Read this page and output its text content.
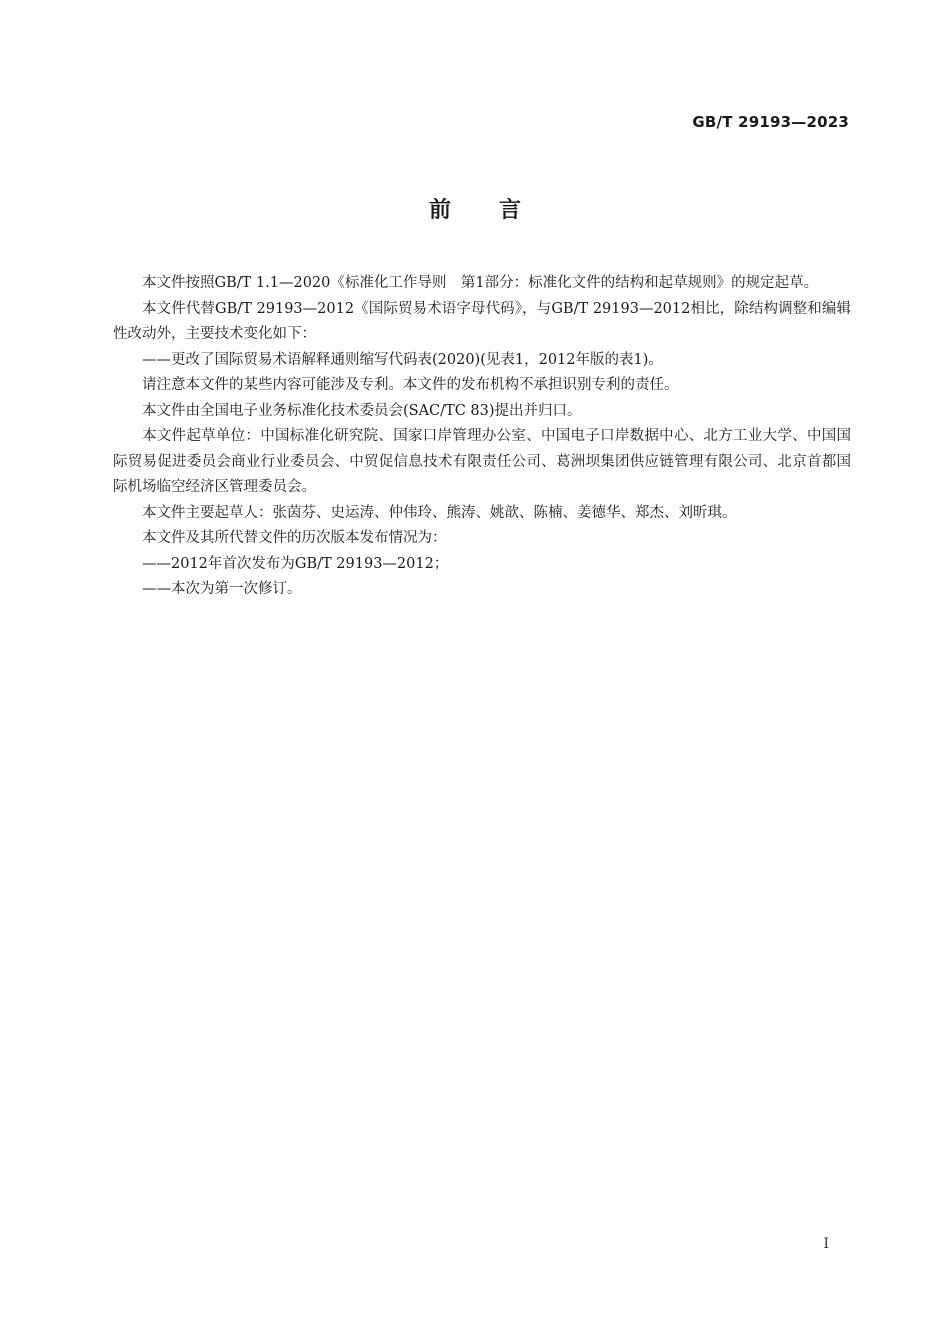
GB/T 29193—2023
前 言

本文件按照GB/T 1.1—2020《标准化工作导则　第1部分：标准化文件的结构和起草规则》的规定起草。

本文件代替GB/T 29193—2012《国际贸易术语字母代码》，与GB/T 29193—2012相比，除结构调整和编辑性改动外，主要技术变化如下：

——更改了国际贸易术语解释通则缩写代码表(2020)(见表1，2012年版的表1)。

请注意本文件的某些内容可能涉及专利。本文件的发布机构不承担识别专利的责任。

本文件由全国电子业务标准化技术委员会(SAC/TC 83)提出并归口。

本文件起草单位：中国标准化研究院、国家口岸管理办公室、中国电子口岸数据中心、北方工业大学、中国国际贸易促进委员会商业行业委员会、中贸促信息技术有限责任公司、葛洲坝集团供应链管理有限公司、北京首都国际机场临空经济区管理委员会。

本文件主要起草人：张茵芬、史运涛、仲伟玲、熊涛、姚歆、陈楠、姜德华、郑杰、刘昕琪。

本文件及其所代替文件的历次版本发布情况为：

——2012年首次发布为GB/T 29193—2012；

——本次为第一次修订。

I
